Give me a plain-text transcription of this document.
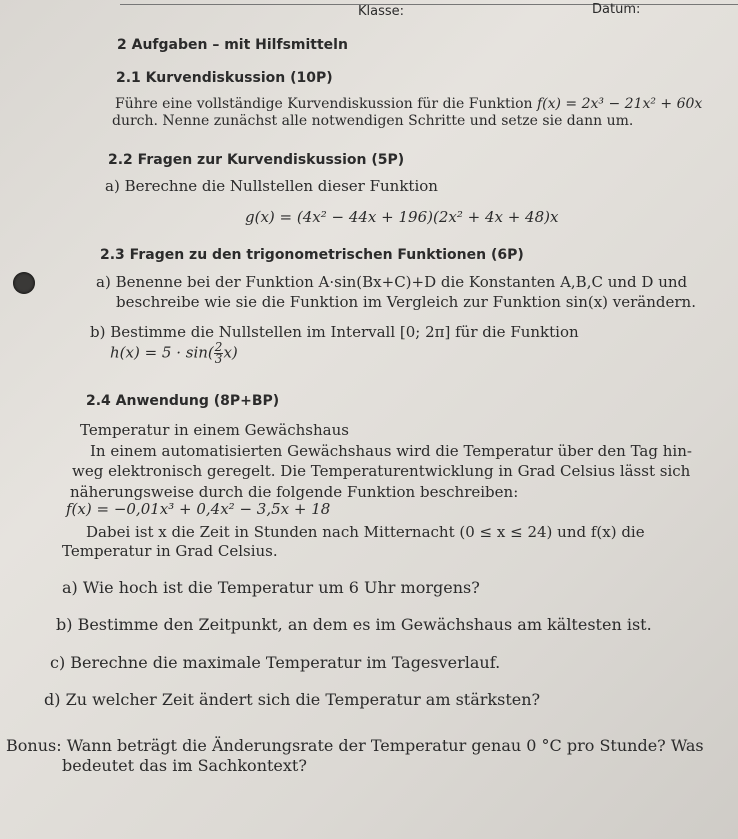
Klasse:	Datum:
2 Aufgaben – mit Hilfsmitteln
2.1 Kurvendiskussion (10P)
Führe eine vollständige Kurvendiskussion für die Funktion f(x) = 2x³ − 21x² + 60x
durch. Nenne zunächst alle notwendigen Schritte und setze sie dann um.
2.2 Fragen zur Kurvendiskussion (5P)
a) Berechne die Nullstellen dieser Funktion
g(x) = (4x² − 44x + 196)(2x² + 4x + 48)x
2.3 Fragen zu den trigonometrischen Funktionen (6P)
a) Benenne bei der Funktion A·sin(Bx+C)+D die Konstanten A,B,C und D und
beschreibe wie sie die Funktion im Vergleich zur Funktion sin(x) verändern.
b) Bestimme die Nullstellen im Intervall [0; 2π] für die Funktion
$h(x) = 5 \cdot \sin( \frac{2}{3} x)$
2.4 Anwendung (8P+BP)
Temperatur in einem Gewächshaus
In einem automatisierten Gewächshaus wird die Temperatur über den Tag hin-
weg elektronisch geregelt. Die Temperaturentwicklung in Grad Celsius lässt sich
näherungsweise durch die folgende Funktion beschreiben:
f(x) = −0,01x³ + 0,4x² − 3,5x + 18
Dabei ist x die Zeit in Stunden nach Mitternacht (0 ≤ x ≤ 24) und f(x) die
Temperatur in Grad Celsius.
a) Wie hoch ist die Temperatur um 6 Uhr morgens?
b) Bestimme den Zeitpunkt, an dem es im Gewächshaus am kältesten ist.
c) Berechne die maximale Temperatur im Tagesverlauf.
d) Zu welcher Zeit ändert sich die Temperatur am stärksten?
Bonus: Wann beträgt die Änderungsrate der Temperatur genau 0 °C pro Stunde? Was
bedeutet das im Sachkontext?
